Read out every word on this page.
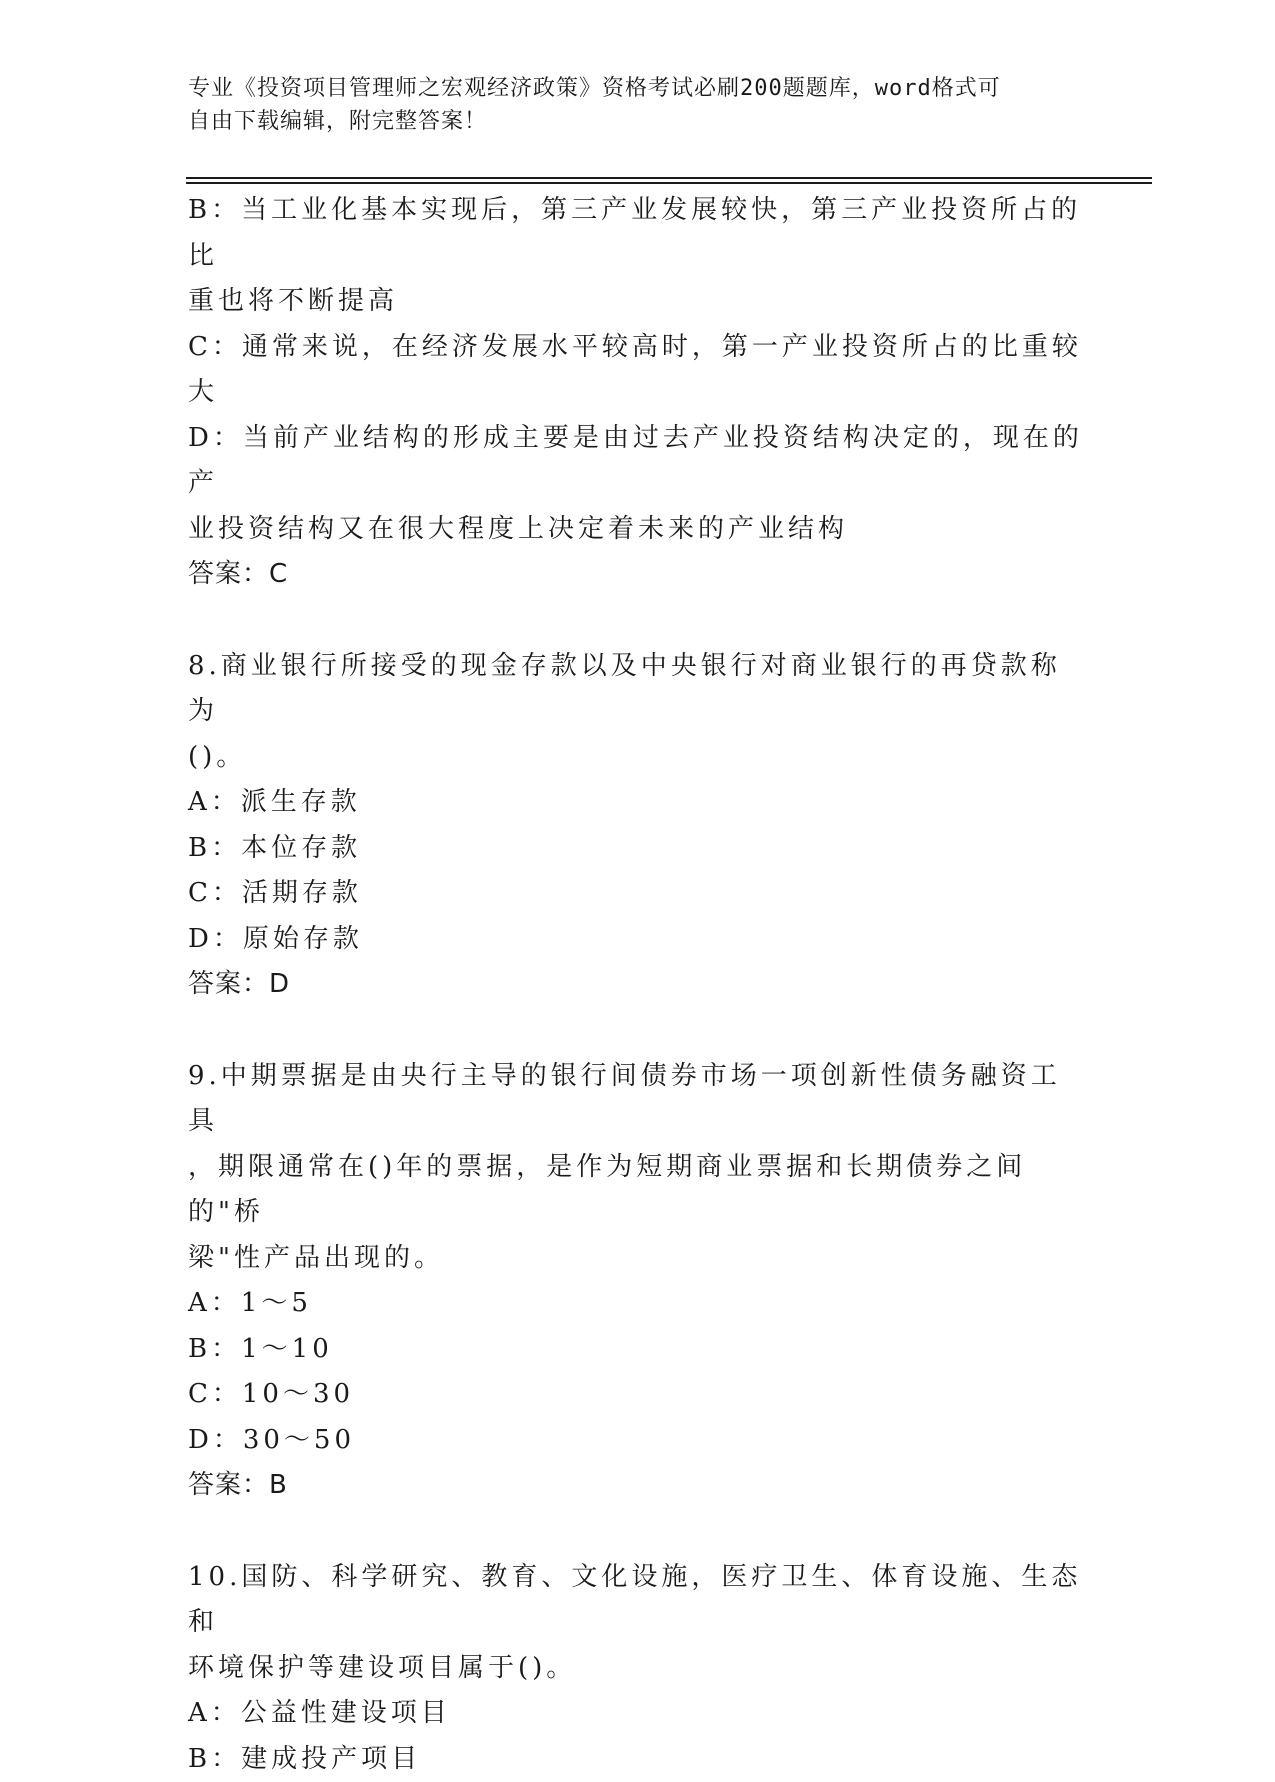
专业《投资项目管理师之宏观经济政策》资格考试必刷200题题库，word格式可
自由下载编辑，附完整答案！
B：当工业化基本实现后，第三产业发展较快，第三产业投资所占的比
重也将不断提高
C：通常来说，在经济发展水平较高时，第一产业投资所占的比重较大
D：当前产业结构的形成主要是由过去产业投资结构决定的，现在的产
业投资结构又在很大程度上决定着未来的产业结构
答案：C
8.商业银行所接受的现金存款以及中央银行对商业银行的再贷款称为
()。
A：派生存款
B：本位存款
C：活期存款
D：原始存款
答案：D
9.中期票据是由央行主导的银行间债券市场一项创新性债务融资工具
，期限通常在()年的票据，是作为短期商业票据和长期债券之间的"桥
梁"性产品出现的。
A：1～5
B：1～10
C：10～30
D：30～50
答案：B
10.国防、科学研究、教育、文化设施，医疗卫生、体育设施、生态和
环境保护等建设项目属于()。
A：公益性建设项目
B：建成投产项目
